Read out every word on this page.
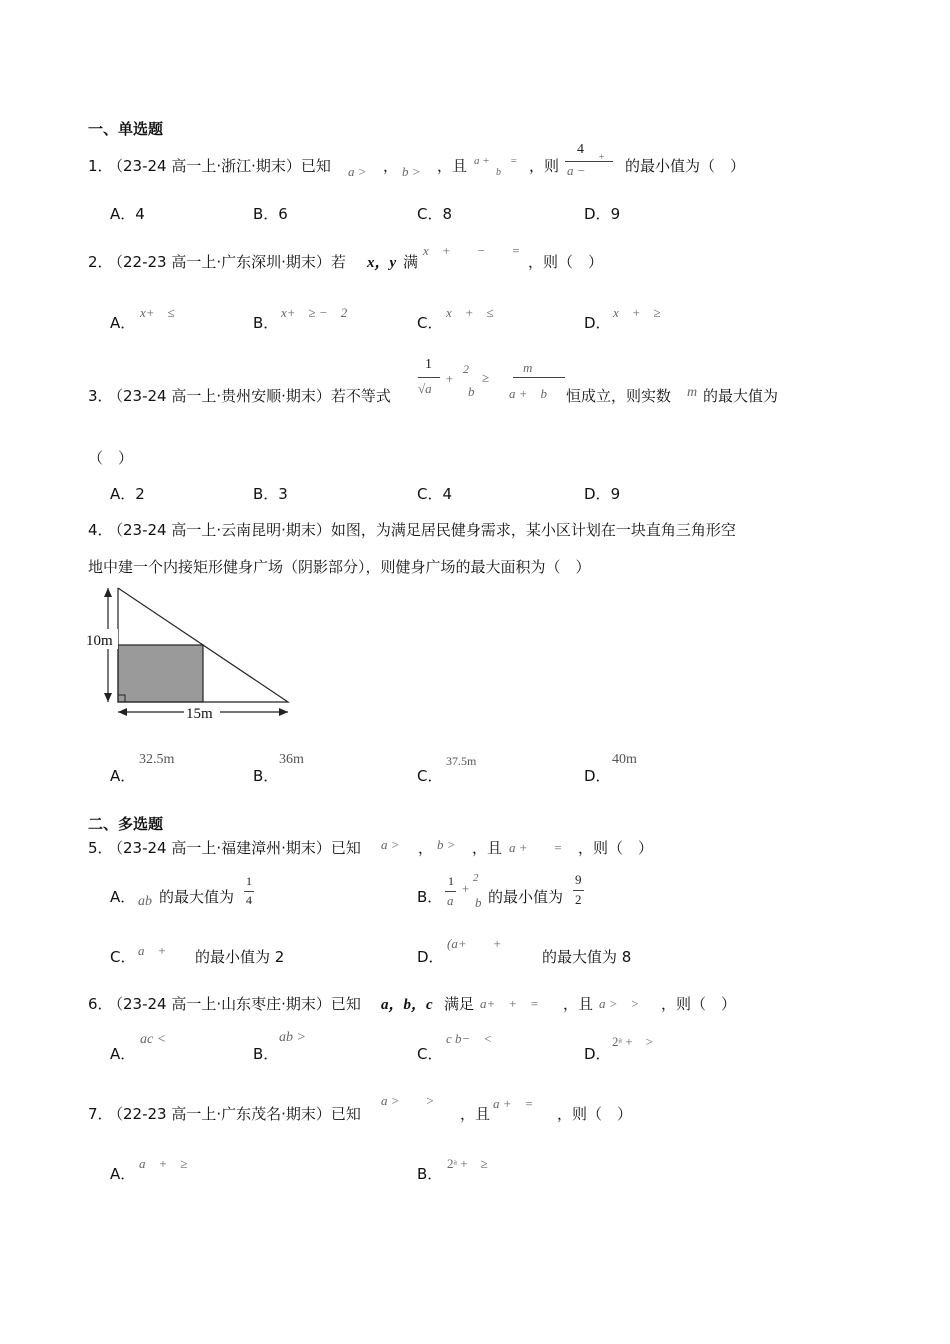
一、单选题
1．
（23-24 高一上·浙江·期末）已知 a > ， b > ，且 a +
b
= ，则
4
a −
+ 的最小值为（　）
A．4	B．6	C．8	D．9
2．
（22-23 高一上·广东深圳·期末）若 x，y 满
x　+　　−　　=
，则（　）
A．
x+　≤
B．
x+　≥ −　2
C．
x　+　≤
D．
x　+　≥
3．
（23-24 高一上·贵州安顺·期末）若不等式
1
√a
+
2
b
≥
m
a +　b 恒成立，则实数 m 的最大值为
（　）
A．2	B．3	C．4	D．9
4．
（23-24 高一上·云南昆明·期末）如图，为满足居民健身需求，某小区计划在一块直角三角形空
地中建一个内接矩形健身广场（阴影部分），则健身广场的最大面积为（　）
10m
15m
A．
32.5m
B．
36m
C．
37.5m
D．
40m
二、多选题
5．
（23-24 高一上·福建漳州·期末）已知 a > ， b > ，且 a +　　= ，则（　）
A． ab 的最大值为
1
4	B．
1
a
+
2
b 的最小值为
9
2
C． a　+ 的最小值为 2	D．
(a+　　+
的最大值为 8
6．
（23-24 高一上·山东枣庄·期末）已知 a，b，c 满足 a+　+　= ，且 a >　> ，则（　）
A．
ac <
B．
ab >
C．
c b−　<
D．
2ᵃ +　>
7．
（22-23 高一上·广东茂名·期末）已知
a >　　>
，且
a +　=
，则（　）
A．
a　+　≥
B．
2ᵃ +　≥
